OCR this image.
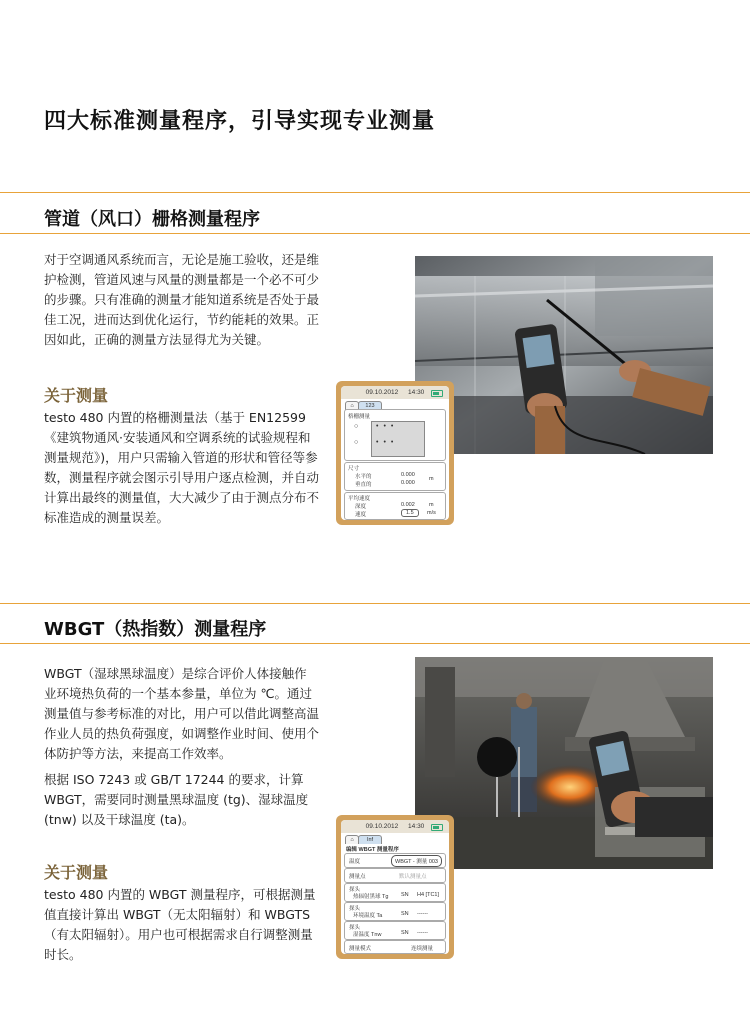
四大标准测量程序，引导实现专业测量
管道（风口）栅格测量程序

对于空调通风系统而言，无论是施工验收，还是维护检测，管道风速与风量的测量都是一个必不可少的步骤。只有准确的测量才能知道系统是否处于最佳工况，进而达到优化运行，节约能耗的效果。正因如此，正确的测量方法显得尤为关键。

关于测量

testo 480 内置的格栅测量法（基于 EN12599《建筑物通风·安装通风和空调系统的试验规程和测量规范》)，用户只需输入管道的形状和管径等参数，测量程序就会图示引导用户逐点检测，并自动计算出最终的测量值，大大减少了由于测点分布不标准造成的测量误差。

09.10.2012 14:30
⌂	123
格栅测量
•••
•••
○
○
尺寸
水平的	0.000
垂直的	0.000
m
平均速度
深度	0.002	m
速度	1.5	m/s
WBGT（热指数）测量程序

WBGT（湿球黑球温度）是综合评价人体接触作业环境热负荷的一个基本参量，单位为 ℃。通过测量值与参考标准的对比，用户可以借此调整高温作业人员的热负荷强度，如调整作业时间、使用个体防护等方法，来提高工作效率。

根据 ISO 7243 或 GB/T 17244 的要求，计算 WBGT，需要同时测量黑球温度 (tg)、湿球温度 (tnw) 以及干球温度 (ta)。

关于测量

testo 480 内置的 WBGT 测量程序，可根据测量值直接计算出 WBGT（无太阳辐射）和 WBGTS（有太阳辐射）。用户也可根据需求自行调整测量时长。

09.10.2012 14:30
⌂	Inf
编辑 WBGT 测量程序
温度	WBGT - 测量 003
测量点	默认测量点
探头
热辐射黑球 Tg SN H4 [TC1]
探头
环境温度 Ta	SN ------
探头
湿温度 Tnw	SN ------
测量模式	连续测量
